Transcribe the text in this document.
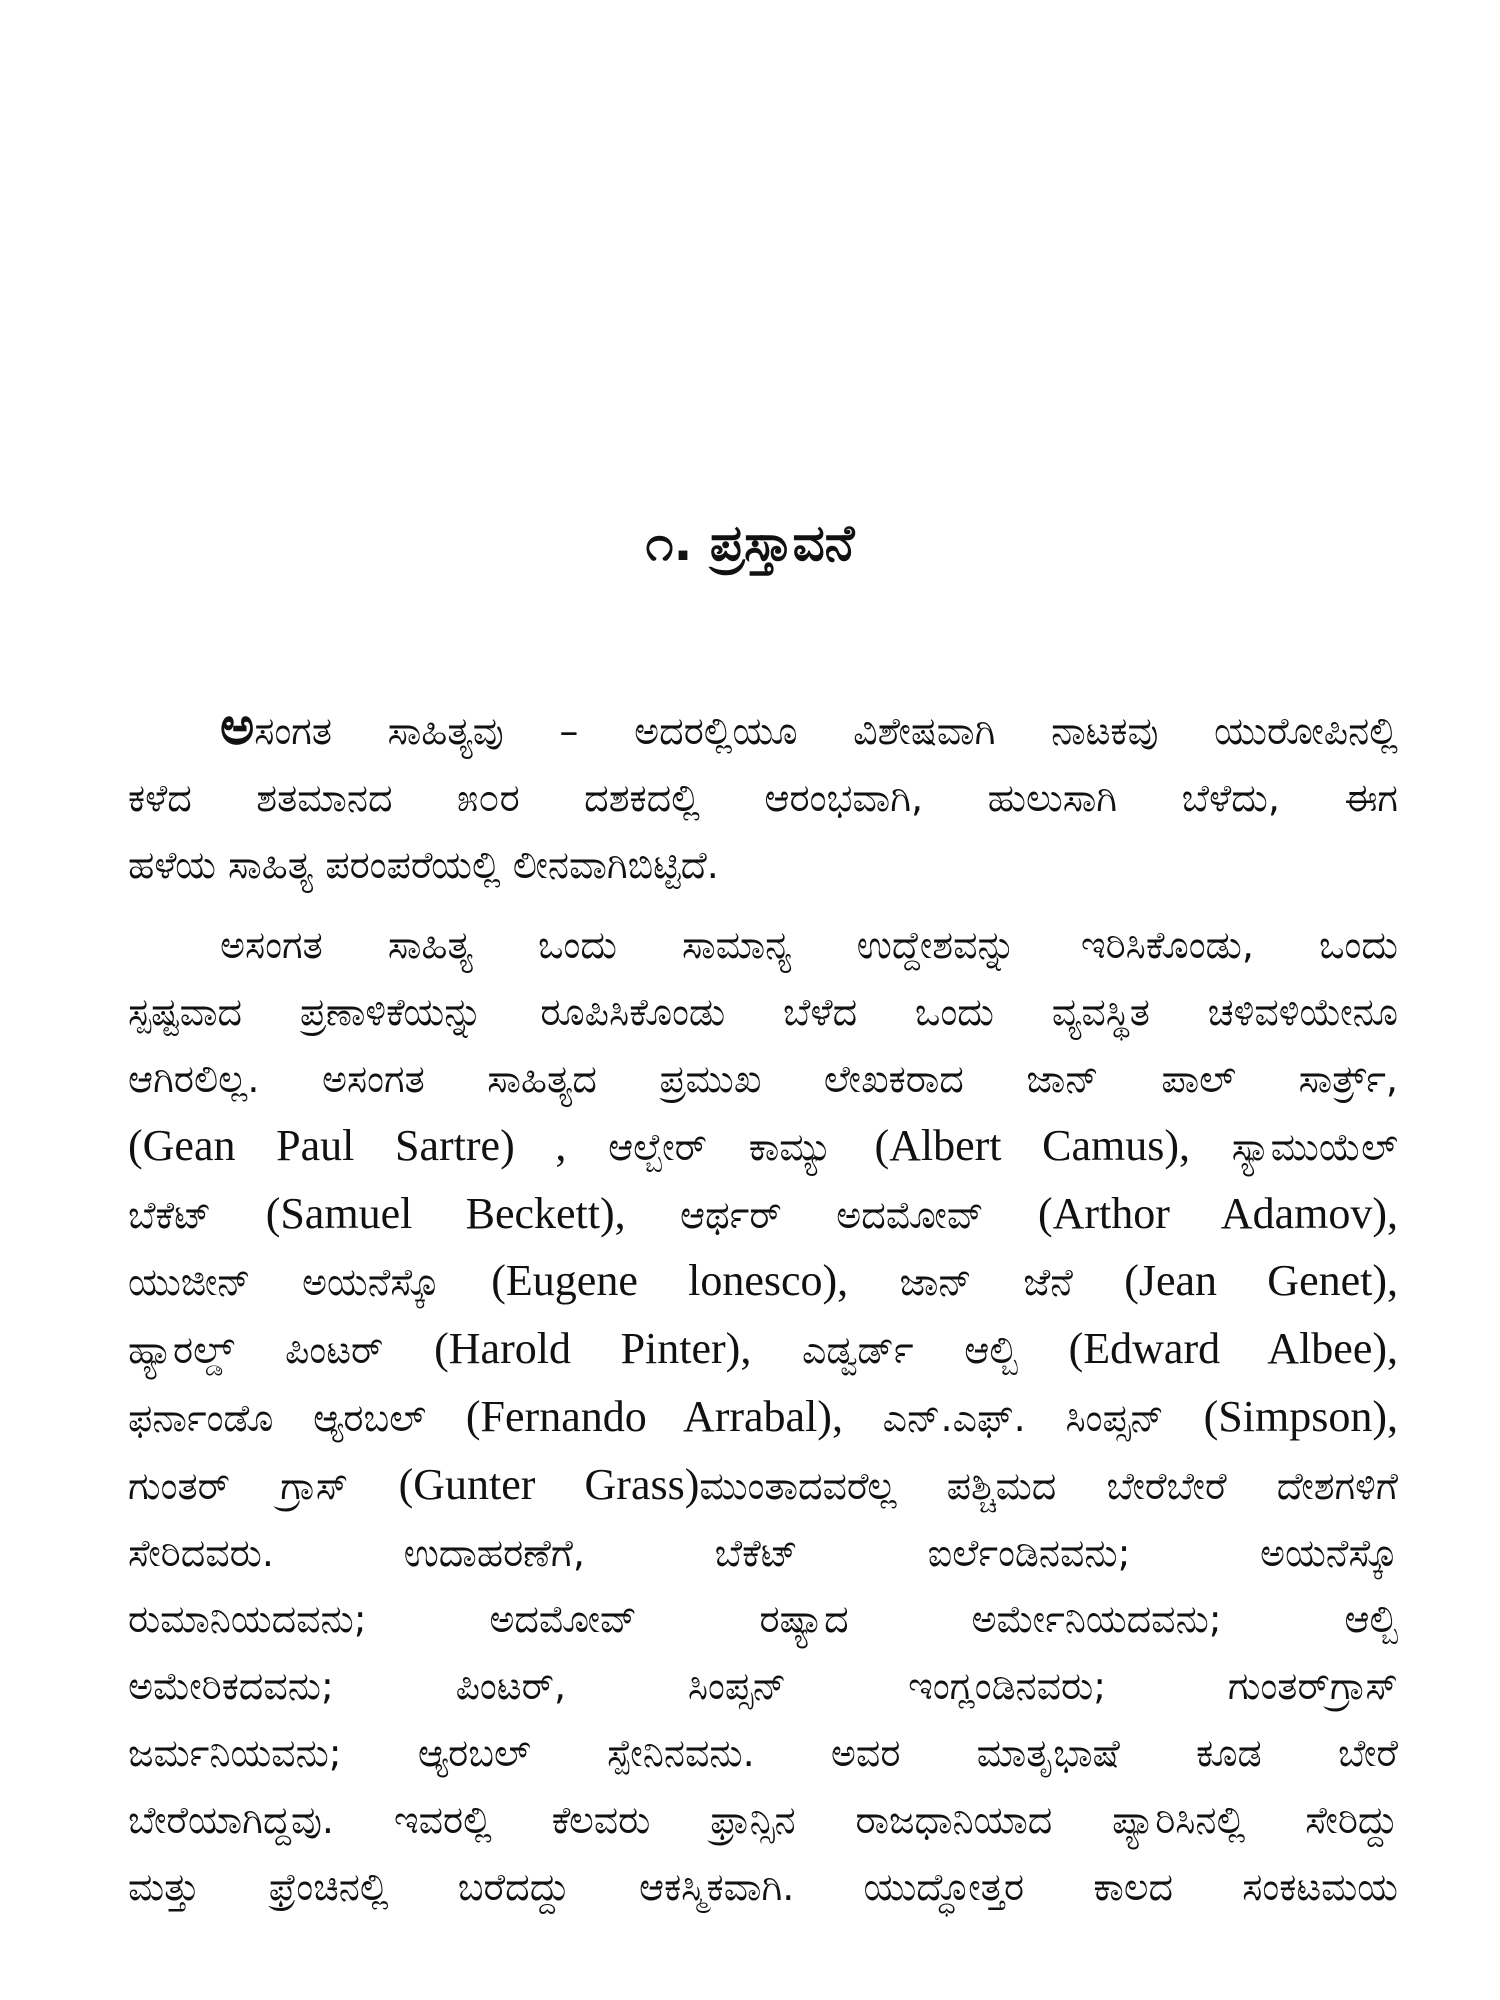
೧. ಪ್ರಸ್ತಾವನೆ
ಅಸಂಗತ ಸಾಹಿತ್ಯವು – ಅದರಲ್ಲಿಯೂ ವಿಶೇಷವಾಗಿ ನಾಟಕವು ಯುರೋಪಿನಲ್ಲಿ
ಕಳೆದ ಶತಮಾನದ ೫೦ರ ದಶಕದಲ್ಲಿ ಆರಂಭವಾಗಿ, ಹುಲುಸಾಗಿ ಬೆಳೆದು, ಈಗ
ಹಳೆಯ ಸಾಹಿತ್ಯ ಪರಂಪರೆಯಲ್ಲಿ ಲೀನವಾಗಿಬಿಟ್ಟಿದೆ.
ಅಸಂಗತ ಸಾಹಿತ್ಯ ಒಂದು ಸಾಮಾನ್ಯ ಉದ್ದೇಶವನ್ನು ಇರಿಸಿಕೊಂಡು, ಒಂದು
ಸ್ಪಷ್ಟವಾದ ಪ್ರಣಾಳಿಕೆಯನ್ನು ರೂಪಿಸಿಕೊಂಡು ಬೆಳೆದ ಒಂದು ವ್ಯವಸ್ಥಿತ ಚಳಿವಳಿಯೇನೂ
ಆಗಿರಲಿಲ್ಲ. ಅಸಂಗತ ಸಾಹಿತ್ಯದ ಪ್ರಮುಖ ಲೇಖಕರಾದ ಜಾನ್ ಪಾಲ್ ಸಾರ್ತ್ರ್,
(Gean Paul Sartre) , ಆಲ್ಬೇರ್ ಕಾಮ್ಯು (Albert Camus), ಸ್ಯಾಮುಯೆಲ್
ಬೆಕೆಟ್ (Samuel Beckett), ಆರ್ಥರ್ ಅದಮೋವ್ (Arthor Adamov),
ಯುಜೀನ್ ಅಯನೆಸ್ಕೊ (Eugene lonesco), ಜಾನ್ ಜೆನೆ (Jean Genet),
ಹ್ಯಾರಲ್ಡ್ ಪಿಂಟರ್ (Harold Pinter), ಎಡ್ವರ್ಡ್ ಆಲ್ಬಿ (Edward Albee),
ಫರ್ನಾಂಡೊ ಆ್ಯರಬಲ್ (Fernando Arrabal), ಎನ್.ಎಫ್. ಸಿಂಪ್ಸನ್ (Simpson),
ಗುಂತರ್ ಗ್ರಾಸ್ (Gunter Grass)ಮುಂತಾದವರೆಲ್ಲ ಪಶ್ಚಿಮದ ಬೇರೆಬೇರೆ ದೇಶಗಳಿಗೆ
ಸೇರಿದವರು. ಉದಾಹರಣೆಗೆ, ಬೆಕೆಟ್ ಐರ್ಲೆಂಡಿನವನು; ಅಯನೆಸ್ಕೊ
ರುಮಾನಿಯದವನು; ಅದಮೋವ್ ರಷ್ಯಾದ ಅರ್ಮೇನಿಯದವನು; ಆಲ್ಬಿ
ಅಮೇರಿಕದವನು; ಪಿಂಟರ್, ಸಿಂಪ್ಸನ್ ಇಂಗ್ಲಂಡಿನವರು; ಗುಂತರ್‌ಗ್ರಾಸ್
ಜರ್ಮನಿಯವನು; ಆ್ಯರಬಲ್ ಸ್ಪೇನಿನವನು. ಅವರ ಮಾತೃಭಾಷೆ ಕೂಡ ಬೇರೆ
ಬೇರೆಯಾಗಿದ್ದವು. ಇವರಲ್ಲಿ ಕೆಲವರು ಫ್ರಾನ್ಸಿನ ರಾಜಧಾನಿಯಾದ ಪ್ಯಾರಿಸಿನಲ್ಲಿ ಸೇರಿದ್ದು
ಮತ್ತು ಫ್ರೆಂಚಿನಲ್ಲಿ ಬರೆದದ್ದು ಆಕಸ್ಮಿಕವಾಗಿ. ಯುದ್ಧೋತ್ತರ ಕಾಲದ ಸಂಕಟಮಯ
